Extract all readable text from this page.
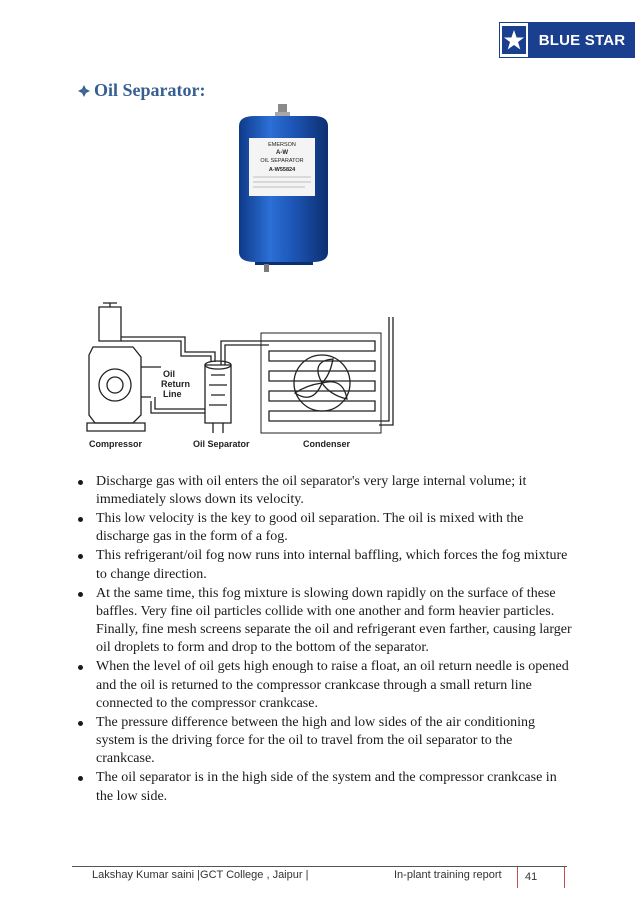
BLUE STAR
Oil Separator:
EMERSON
A-W
OIL SEPARATOR
A-W55824
Oil
Return
Line
Compressor	Oil Separator	Condenser
Discharge gas with oil enters the oil separator's very large internal volume; it immediately slows down its velocity.
This low velocity is the key to good oil separation. The oil is mixed with the discharge gas in the form of a fog.
This refrigerant/oil fog now runs into internal baffling, which forces the fog mixture to change direction.
At the same time, this fog mixture is slowing down rapidly on the surface of these baffles. Very fine oil particles collide with one another and form heavier particles. Finally, fine mesh screens separate the oil and refrigerant even farther, causing larger oil droplets to form and drop to the bottom of the separator.
When the level of oil gets high enough to raise a float, an oil return needle is opened and the oil is returned to the compressor crankcase through a small return line connected to the compressor crankcase.
The pressure difference between the high and low sides of the air conditioning system is the driving force for the oil to travel from the oil separator to the crankcase.
The oil separator is in the high side of the system and the compressor crankcase in the low side.
Lakshay Kumar saini |GCT College , Jaipur |	In-plant training report	41
